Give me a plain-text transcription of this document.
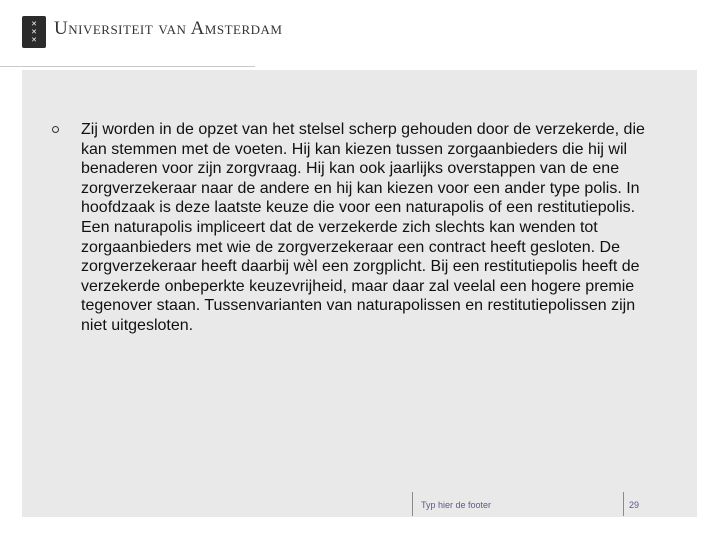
✕
✕
✕
Universiteit van Amsterdam
Zij worden in de opzet van het stelsel scherp gehouden door de verzekerde, die kan stemmen met de voeten. Hij kan kiezen tussen zorgaanbieders die hij wil benaderen voor zijn zorgvraag. Hij kan ook jaarlijks overstappen van de ene zorgverzekeraar naar de andere en hij kan kiezen voor een ander type polis. In hoofdzaak is deze laatste keuze die voor een naturapolis of een restitutiepolis. Een naturapolis impliceert dat de verzekerde zich slechts kan wenden tot zorgaanbieders met wie de zorgverzekeraar een contract heeft gesloten. De zorgverzekeraar heeft daarbij wèl een zorgplicht. Bij een restitutiepolis heeft de verzekerde onbeperkte keuzevrijheid, maar daar zal veelal een hogere premie tegenover staan. Tussenvarianten van naturapolissen en restitutiepolissen zijn niet uitgesloten.
Typ hier de footer	29
